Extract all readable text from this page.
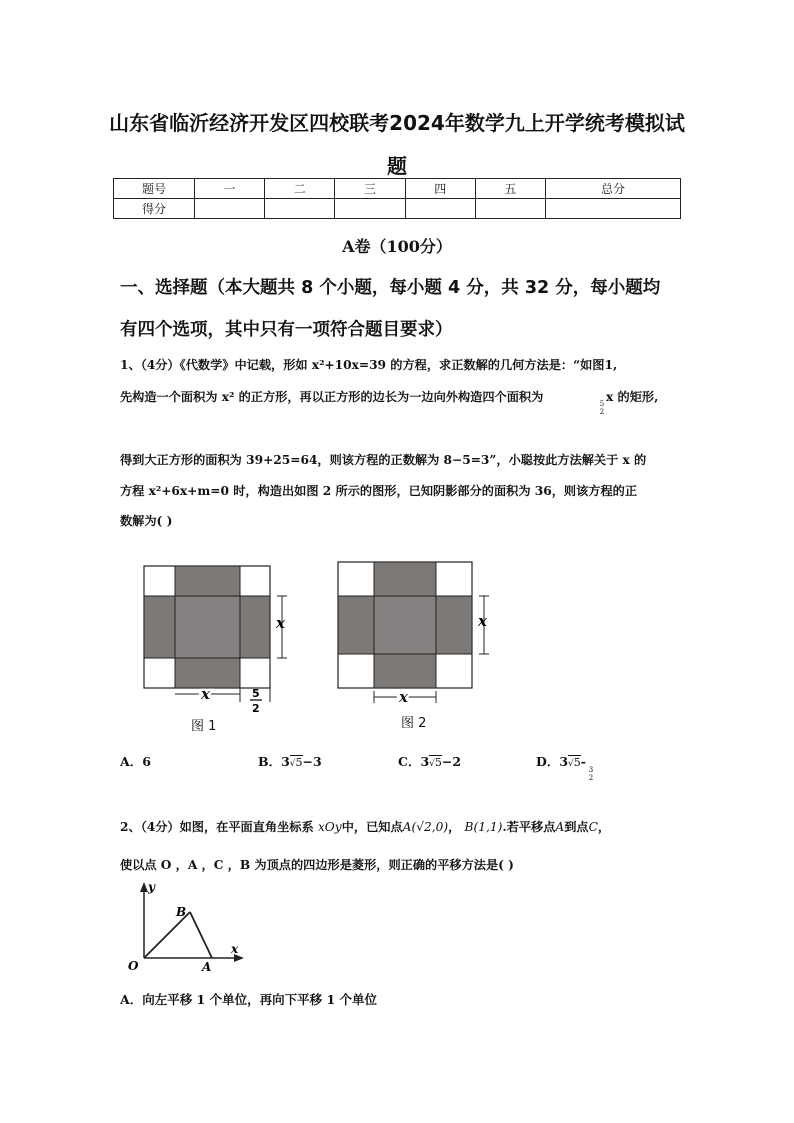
山东省临沂经济开发区四校联考2024年数学九上开学统考模拟试
题
题号	一	二	三	四	五	总分
得分						
A卷（100分）
一、选择题（本大题共 8 个小题，每小题 4 分，共 32 分，每小题均
有四个选项，其中只有一项符合题目要求）
1、（4分）《代数学》中记载，形如 x²+10x=39 的方程，求正数解的几何方法是：“如图1,
先构造一个面积为 x² 的正方形，再以正方形的边长为一边向外构造四个面积为	5
2
x 的矩形,
得到大正方形的面积为 39+25=64，则该方程的正数解为 8−5=3”，小聪按此方法解关于 x 的
方程 x²+6x+m=0 时，构造出如图 2 所示的图形，已知阴影部分的面积为 36，则该方程的正
数解为( )
x
x	5
2
图 1
x
x
图 2
A．6	B．3√5−3	C．3√5−2	D．3√5-
3
2
2、（4分）如图，在平面直角坐标系 xOy中，已知点A(√2,0)， B(1,1).若平移点A到点C，
使以点 O ，A ，C ，B 为顶点的四边形是菱形，则正确的平移方法是( )
y
x
B
O	A
A．向左平移 1 个单位，再向下平移 1 个单位
